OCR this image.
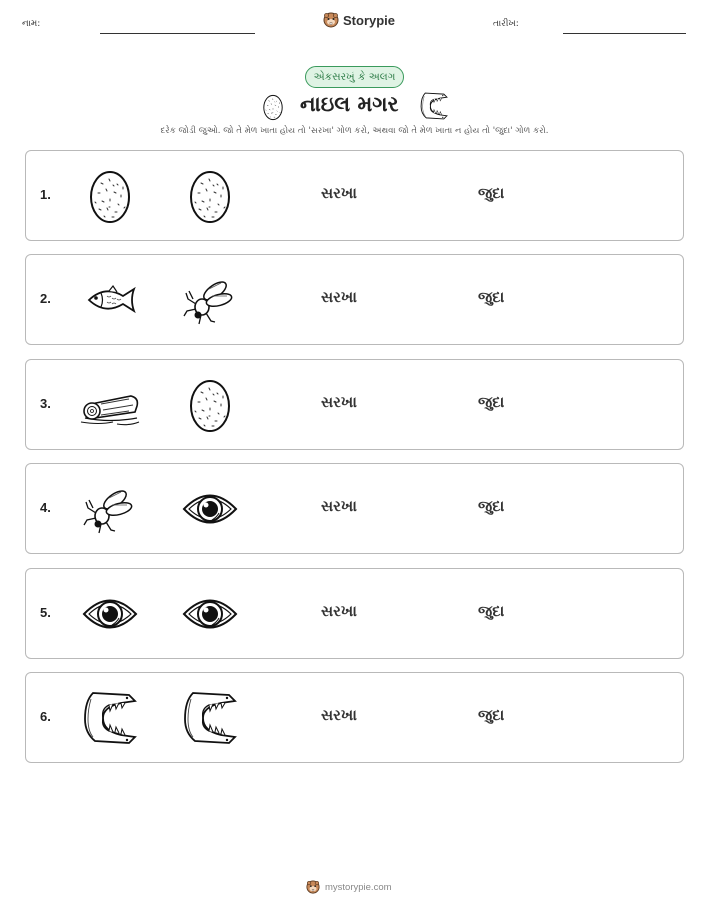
નામ:	Storypie	તારીખ:
એકસરખું કે અલગ
નાઇલ મગર
દરેક જોડી જુઓ. જો તે મેળ ખાતા હોય તો 'સરખા' ગોળ કરો, અથવા જો તે મેળ ખાતા ન હોય તો 'જુદા' ગોળ કરો.
1.	સરખા	જુદા
2.	સરખા	જુદા
3.	સરખા	જુદા
4.	સરખા	જુદા
5.	સરખા	જુદા
6.	સરખા	જુદા
mystorypie.com
